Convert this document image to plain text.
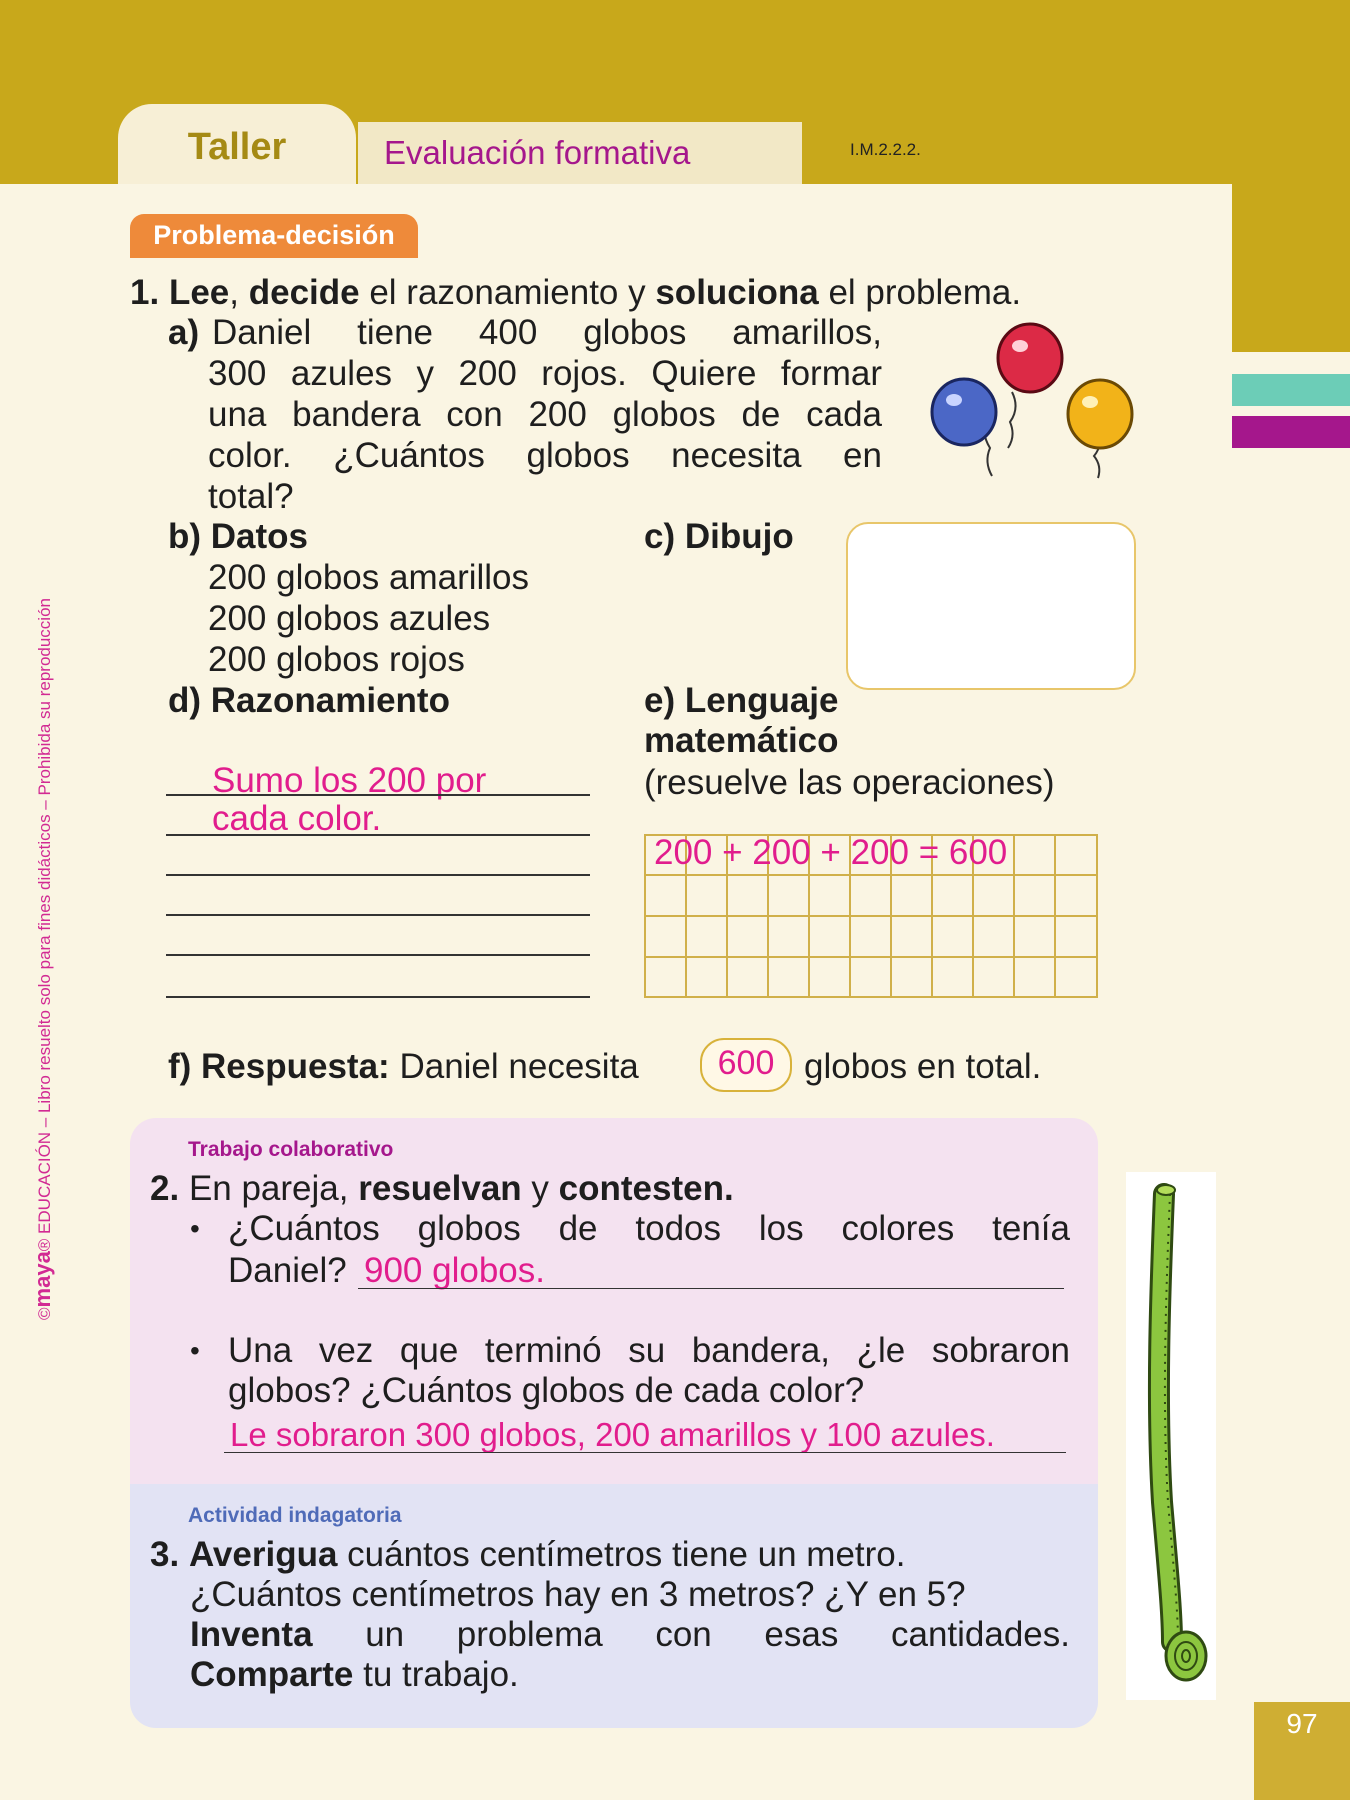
Taller	Evaluación formativa	I.M.2.2.2.
©maya® EDUCACIÓN – Libro resuelto solo para fines didácticos – Prohibida su reproducción
Problema-decisión
1. Lee, decide el razonamiento y soluciona el problema.
a) Daniel tiene 400 globos amarillos,
300 azules y 200 rojos. Quiere formar
una bandera con 200 globos de cada
color. ¿Cuántos globos necesita en
total?
b) Datos
200 globos amarillos
200 globos azules
200 globos rojos
c) Dibujo
d) Razonamiento
Sumo los 200 por
cada color.
e) Lenguaje
matemático
(resuelve las operaciones)
200 + 200 + 200 = 600
f) Respuesta: Daniel necesita	600 globos en total.
Trabajo colaborativo
2. En pareja, resuelvan y contesten.
• ¿Cuántos globos de todos los colores tenía
Daniel? 900 globos.
• Una vez que terminó su bandera, ¿le sobraron
globos? ¿Cuántos globos de cada color?
Le sobraron 300 globos, 200 amarillos y 100 azules.
Actividad indagatoria
3. Averigua cuántos centímetros tiene un metro.
¿Cuántos centímetros hay en 3 metros? ¿Y en 5?
Inventa un problema con esas cantidades.
Comparte tu trabajo.
97
